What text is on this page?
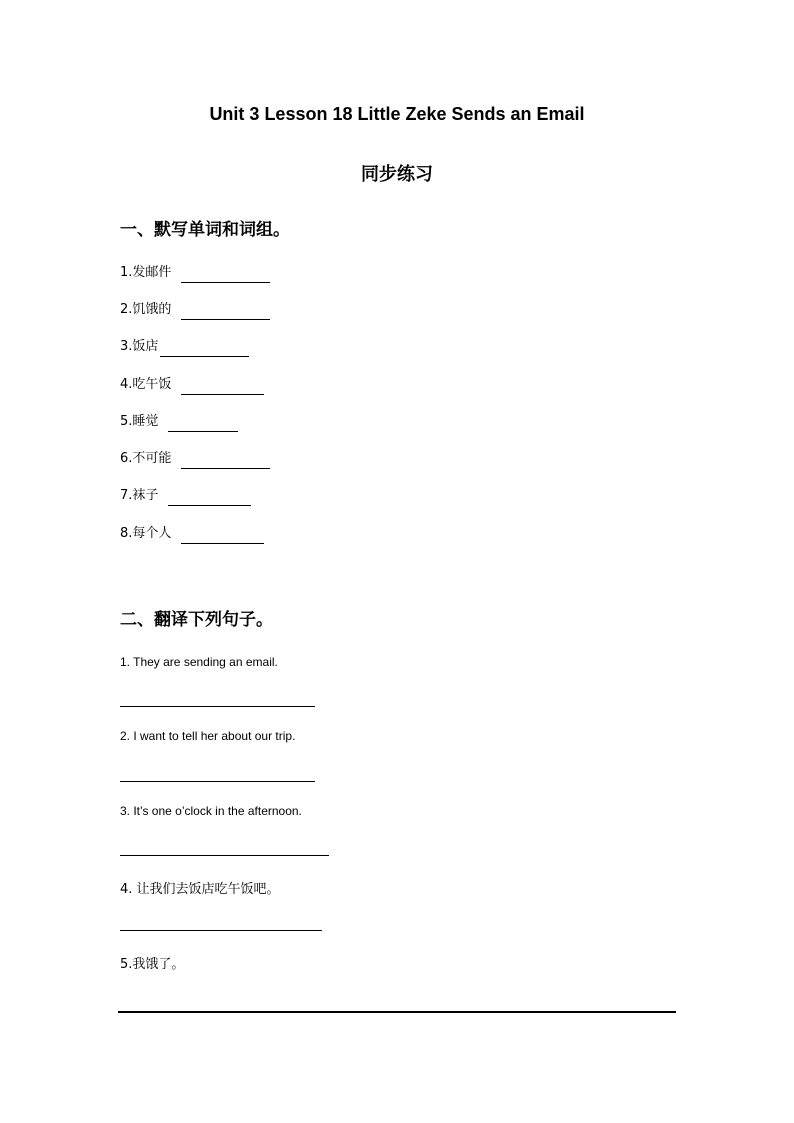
Unit 3 Lesson 18 Little Zeke Sends an Email
同步练习
一、默写单词和词组。
1.发邮件
2.饥饿的
3.饭店
4.吃午饭
5.睡觉
6.不可能
7.袜子
8.每个人
二、翻译下列句子。
1. They are sending an email.
2. I want to tell her about our trip.
3. It’s one o’clock in the afternoon.
4. 让我们去饭店吃午饭吧。
5.我饿了。
